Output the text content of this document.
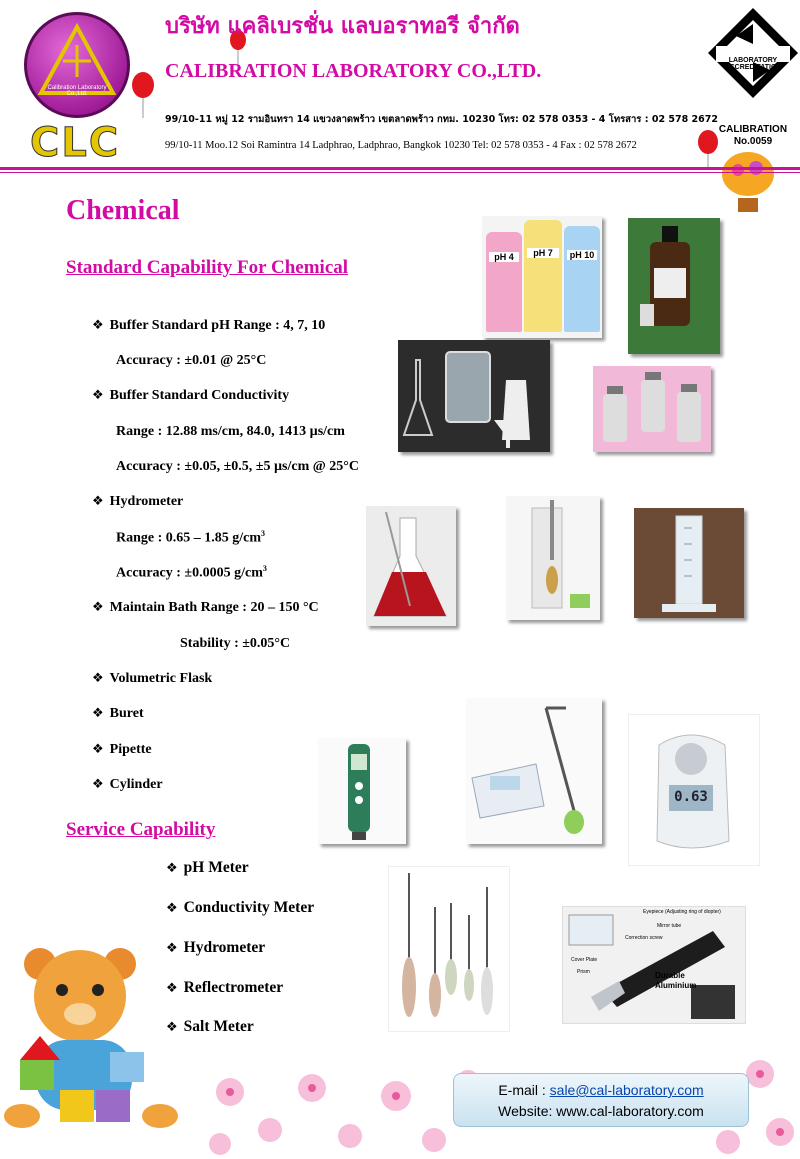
Calibration Laboratory Co.,Ltd.
CLC
บริษัท แคลิเบรชั่น แลบอราทอรี จำกัด
CALIBRATION LABORATORY CO.,LTD.
99/10-11 หมู่ 12 รามอินทรา 14 แขวงลาดพร้าว เขตลาดพร้าว กทม. 10230 โทร: 02 578 0353 - 4 โทรสาร : 02 578 2672
99/10-11 Moo.12 Soi Ramintra 14 Ladphrao, Ladphrao, Bangkok 10230 Tel: 02 578 0353 - 4 Fax : 02 578 2672
LABORATORY ACCREDITATION
CALIBRATION
No.0059
Chemical
Standard Capability For Chemical
❖ Buffer Standard pH Range : 4, 7, 10
Accuracy : ±0.01 @ 25°C
❖ Buffer Standard Conductivity
Range : 12.88 ms/cm, 84.0, 1413 µs/cm
Accuracy : ±0.05, ±0.5, ±5 µs/cm @ 25°C
❖ Hydrometer
Range : 0.65 – 1.85 $g/cm^3$
Accuracy : ±0.0005 $g/cm^3$
❖ Maintain Bath Range : 20 – 150 °C
Stability : ±0.05°C
❖ Volumetric Flask
❖ Buret
❖ Pipette
❖ Cylinder
Service Capability
❖ pH Meter
❖ Conductivity Meter
❖ Hydrometer
❖ Reflectrometer
❖ Salt Meter
pH 4	pH 7	pH 10
0.63
Eyepiece (Adjusting ring of diopter)
Mirror tube
Correction screw
Cover Plate
Prism	Durable
Aluminium
E-mail : sale@cal-laboratory.com
Website: www.cal-laboratory.com
